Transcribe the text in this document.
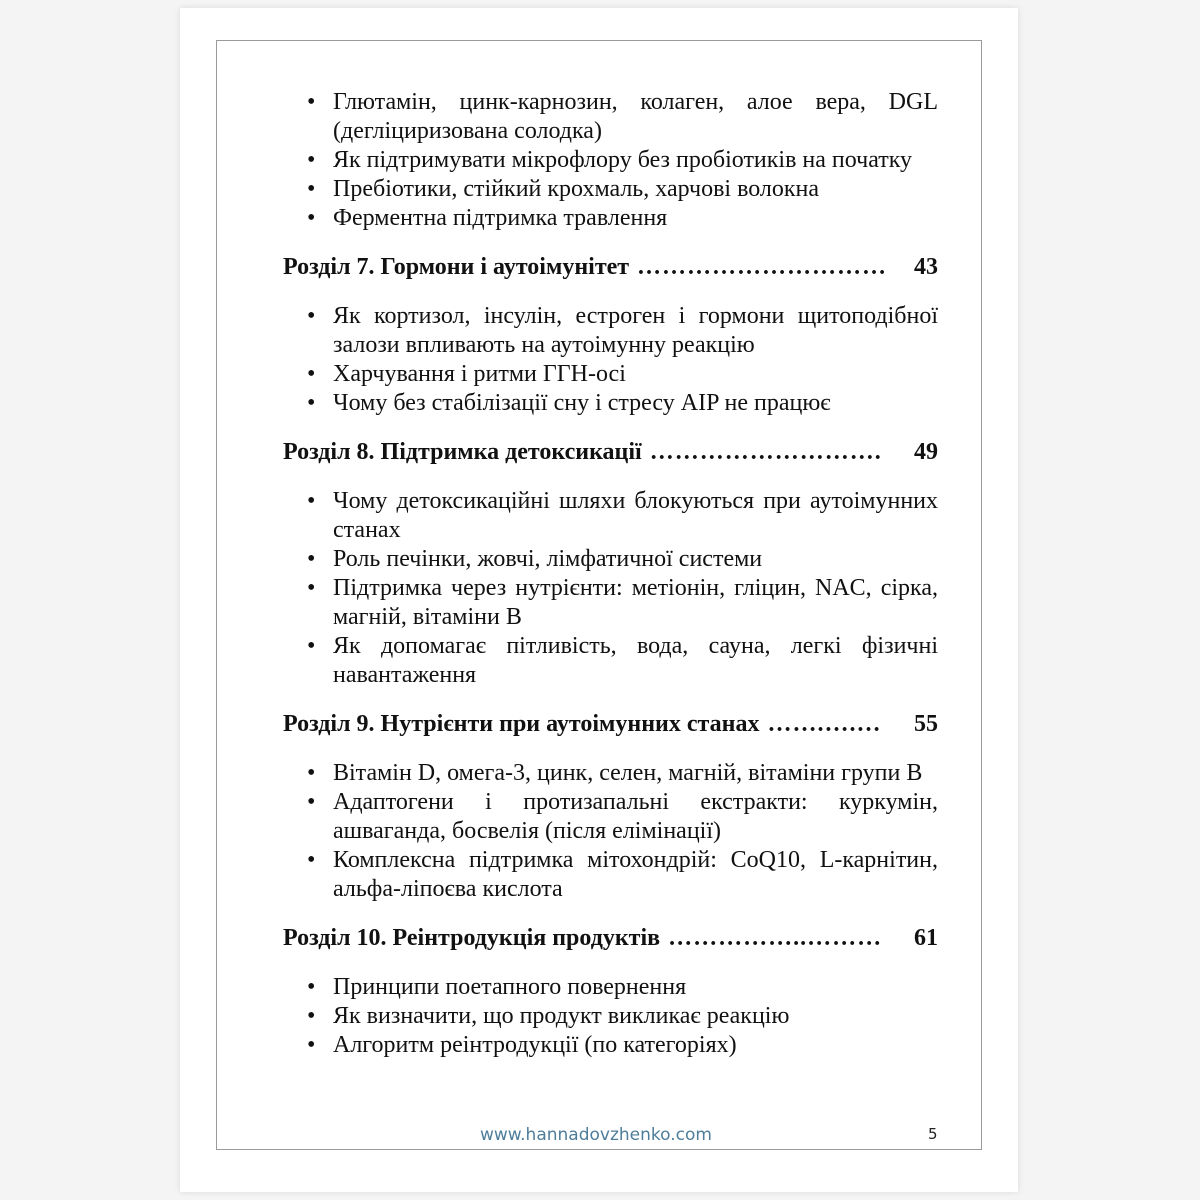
• Глютамін, цинк-карнозин, колаген, алое вера, DGL (дегліциризована солодка)
• Як підтримувати мікрофлору без пробіотиків на початку
• Пребіотики, стійкий крохмаль, харчові волокна
• Ферментна підтримка травлення
Розділ 7. Гормони і аутоімунітет …………………………	43
• Як кортизол, інсулін, естроген і гормони щитоподібної залози впливають на аутоімунну реакцію
• Харчування і ритми ГГН-осі
• Чому без стабілізації сну і стресу AIP не працює
Розділ 8. Підтримка детоксикації ……………………….	49
• Чому детоксикаційні шляхи блокуються при аутоімунних станах
• Роль печінки, жовчі, лімфатичної системи
• Підтримка через нутрієнти: метіонін, гліцин, NAC, сірка, магній, вітаміни B
• Як допомагає пітливість, вода, сауна, легкі фізичні навантаження
Розділ 9. Нутрієнти при аутоімунних станах …….….…	55
• Вітамін D, омега-3, цинк, селен, магній, вітаміни групи B
• Адаптогени і протизапальні екстракти: куркумін, ашваганда, босвелія (після елімінації)
• Комплексна підтримка мітохондрій: CoQ10, L-карнітин, альфа-ліпоєва кислота
Розділ 10. Реінтродукція продуктів ……………..………	61
• Принципи поетапного повернення
• Як визначити, що продукт викликає реакцію
• Алгоритм реінтродукції (по категоріях)
www.hannadovzhenko.com	5
